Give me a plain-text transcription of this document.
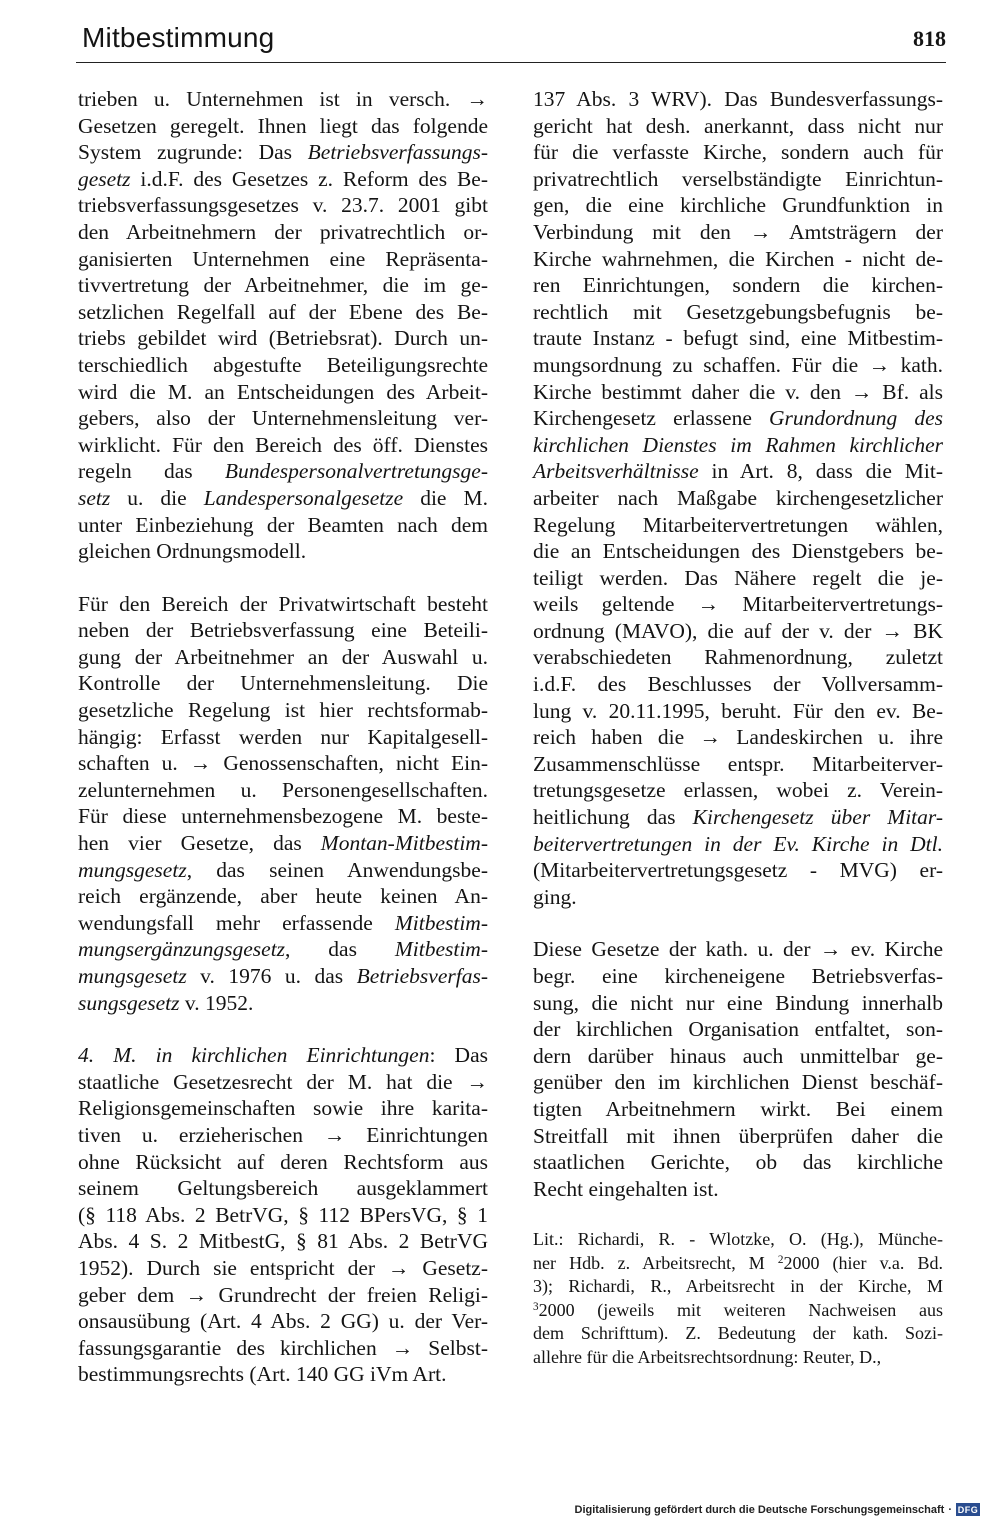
Mitbestimmung	818

trieben u. Unternehmen ist in versch. →
Gesetzen geregelt. Ihnen liegt das folgende
System zugrunde: Das Betriebsverfassungs-
gesetz i.d.F. des Gesetzes z. Reform des Be-
triebsverfassungsgesetzes v. 23.7. 2001 gibt
den Arbeitnehmern der privatrechtlich or-
ganisierten Unternehmen eine Repräsenta-
tivvertretung der Arbeitnehmer, die im ge-
setzlichen Regelfall auf der Ebene des Be-
triebs gebildet wird (Betriebsrat). Durch un-
terschiedlich abgestufte Beteiligungsrechte
wird die M. an Entscheidungen des Arbeit-
gebers, also der Unternehmensleitung ver-
wirklicht. Für den Bereich des öff. Dienstes
regeln das Bundespersonalvertretungsge-
setz u. die Landespersonalgesetze die M.
unter Einbeziehung der Beamten nach dem
gleichen Ordnungsmodell.

Für den Bereich der Privatwirtschaft besteht
neben der Betriebsverfassung eine Beteili-
gung der Arbeitnehmer an der Auswahl u.
Kontrolle der Unternehmensleitung. Die
gesetzliche Regelung ist hier rechtsformab-
hängig: Erfasst werden nur Kapitalgesell-
schaften u. → Genossenschaften, nicht Ein-
zelunternehmen u. Personengesellschaften.
Für diese unternehmensbezogene M. beste-
hen vier Gesetze, das Montan-Mitbestim-
mungsgesetz, das seinen Anwendungsbe-
reich ergänzende, aber heute keinen An-
wendungsfall mehr erfassende Mitbestim-
mungsergänzungsgesetz, das Mitbestim-
mungsgesetz v. 1976 u. das Betriebsverfas-
sungsgesetz v. 1952.

4. M. in kirchlichen Einrichtungen: Das
staatliche Gesetzesrecht der M. hat die →
Religionsgemeinschaften sowie ihre karita-
tiven u. erzieherischen → Einrichtungen
ohne Rücksicht auf deren Rechtsform aus
seinem Geltungsbereich ausgeklammert
(§ 118 Abs. 2 BetrVG, § 112 BPersVG, § 1
Abs. 4 S. 2 MitbestG, § 81 Abs. 2 BetrVG
1952). Durch sie entspricht der → Gesetz-
geber dem → Grundrecht der freien Religi-
onsausübung (Art. 4 Abs. 2 GG) u. der Ver-
fassungsgarantie des kirchlichen → Selbst-
bestimmungsrechts (Art. 140 GG iVm Art.

137 Abs. 3 WRV). Das Bundesverfassungs-
gericht hat desh. anerkannt, dass nicht nur
für die verfasste Kirche, sondern auch für
privatrechtlich verselbständigte Einrichtun-
gen, die eine kirchliche Grundfunktion in
Verbindung mit den → Amtsträgern der
Kirche wahrnehmen, die Kirchen - nicht de-
ren Einrichtungen, sondern die kirchen-
rechtlich mit Gesetzgebungsbefugnis be-
traute Instanz - befugt sind, eine Mitbestim-
mungsordnung zu schaffen. Für die → kath.
Kirche bestimmt daher die v. den → Bf. als
Kirchengesetz erlassene Grundordnung des
kirchlichen Dienstes im Rahmen kirchlicher
Arbeitsverhältnisse in Art. 8, dass die Mit-
arbeiter nach Maßgabe kirchengesetzlicher
Regelung Mitarbeitervertretungen wählen,
die an Entscheidungen des Dienstgebers be-
teiligt werden. Das Nähere regelt die je-
weils geltende → Mitarbeitervertretungs-
ordnung (MAVO), die auf der v. der → BK
verabschiedeten Rahmenordnung, zuletzt
i.d.F. des Beschlusses der Vollversamm-
lung v. 20.11.1995, beruht. Für den ev. Be-
reich haben die → Landeskirchen u. ihre
Zusammenschlüsse entspr. Mitarbeiterver-
tretungsgesetze erlassen, wobei z. Verein-
heitlichung das Kirchengesetz über Mitar-
beitervertretungen in der Ev. Kirche in Dtl.
(Mitarbeitervertretungsgesetz - MVG) er-
ging.

Diese Gesetze der kath. u. der → ev. Kirche
begr. eine kircheneigene Betriebsverfas-
sung, die nicht nur eine Bindung innerhalb
der kirchlichen Organisation entfaltet, son-
dern darüber hinaus auch unmittelbar ge-
genüber den im kirchlichen Dienst beschäf-
tigten Arbeitnehmern wirkt. Bei einem
Streitfall mit ihnen überprüfen daher die
staatlichen Gerichte, ob das kirchliche
Recht eingehalten ist.

Lit.: Richardi, R. - Wlotzke, O. (Hg.), Münche-
ner Hdb. z. Arbeitsrecht, M $^2$2000 (hier v.a. Bd.
3); Richardi, R., Arbeitsrecht in der Kirche, M
$^3$2000 (jeweils mit weiteren Nachweisen aus
dem Schrifttum). Z. Bedeutung der kath. Sozi-
allehre für die Arbeitsrechtsordnung: Reuter, D.,

Digitalisierung gefördert durch die Deutsche Forschungsgemeinschaft · DFG
